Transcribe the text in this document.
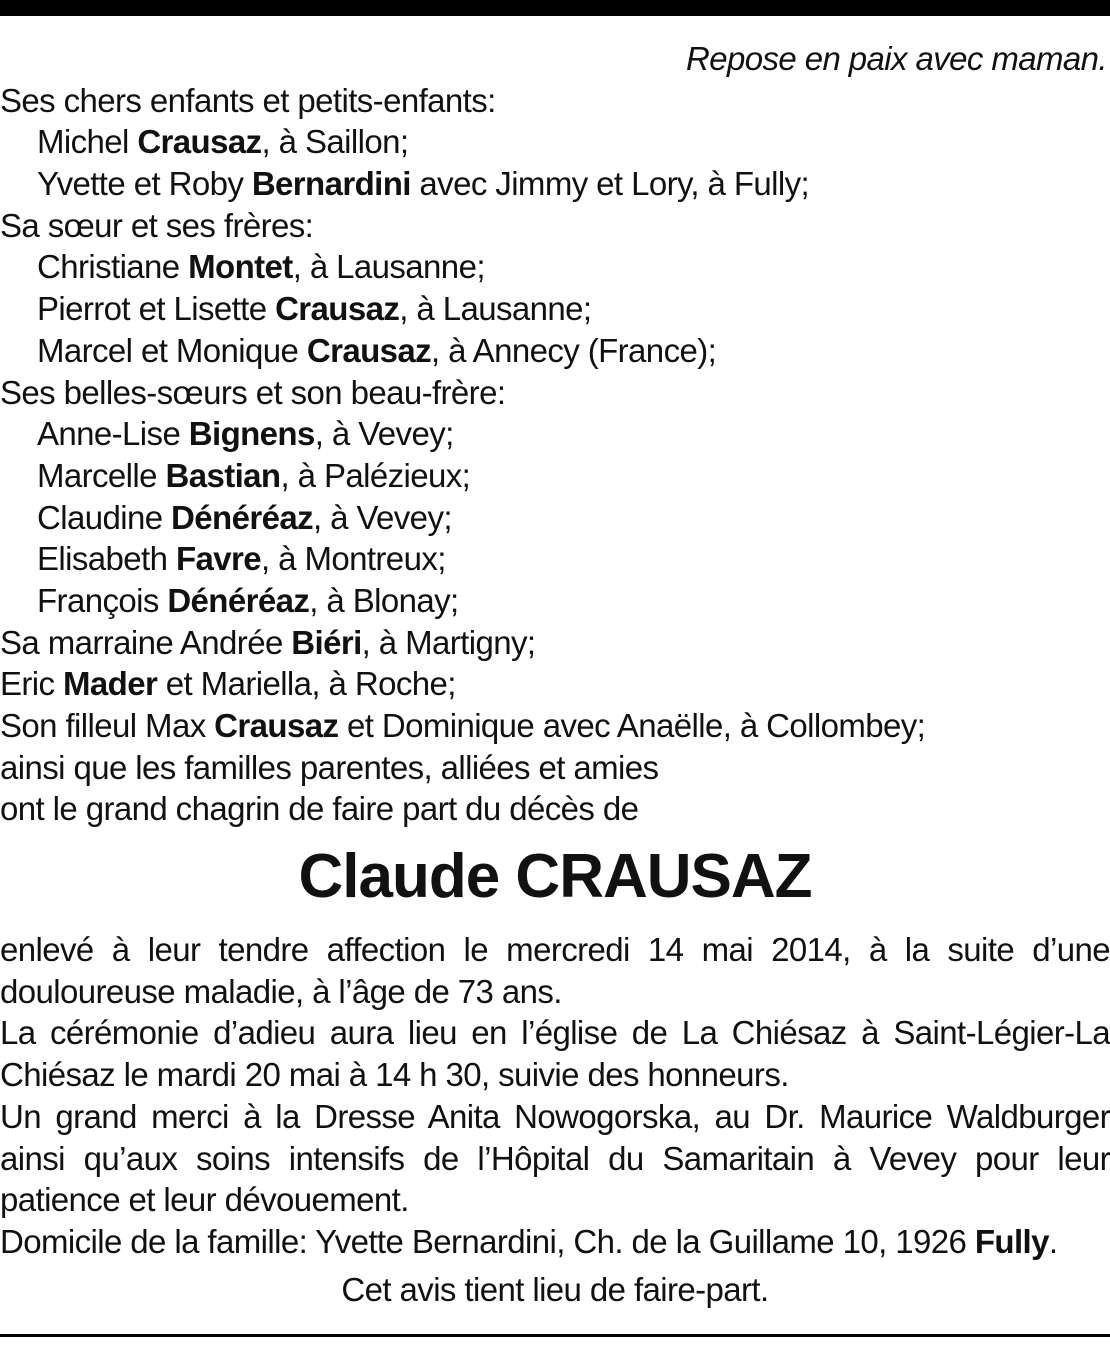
Repose en paix avec maman.
Ses chers enfants et petits-enfants:
Michel Crausaz, à Saillon;
Yvette et Roby Bernardini avec Jimmy et Lory, à Fully;
Sa sœur et ses frères:
Christiane Montet, à Lausanne;
Pierrot et Lisette Crausaz, à Lausanne;
Marcel et Monique Crausaz, à Annecy (France);
Ses belles-sœurs et son beau-frère:
Anne-Lise Bignens, à Vevey;
Marcelle Bastian, à Palézieux;
Claudine Dénéréaz, à Vevey;
Elisabeth Favre, à Montreux;
François Dénéréaz, à Blonay;
Sa marraine Andrée Biéri, à Martigny;
Eric Mader et Mariella, à Roche;
Son filleul Max Crausaz et Dominique avec Anaëlle, à Collombey;
ainsi que les familles parentes, alliées et amies
ont le grand chagrin de faire part du décès de
Claude CRAUSAZ
enlevé à leur tendre affection le mercredi 14 mai 2014, à la suite d’une
douloureuse maladie, à l’âge de 73 ans.
La cérémonie d’adieu aura lieu en l’église de La Chiésaz à Saint-Légier-La
Chiésaz le mardi 20 mai à 14 h 30, suivie des honneurs.
Un grand merci à la Dresse Anita Nowogorska, au Dr. Maurice Waldburger
ainsi qu’aux soins intensifs de l’Hôpital du Samaritain à Vevey pour leur
patience et leur dévouement.
Domicile de la famille: Yvette Bernardini, Ch. de la Guillame 10, 1926 Fully.
Cet avis tient lieu de faire-part.
